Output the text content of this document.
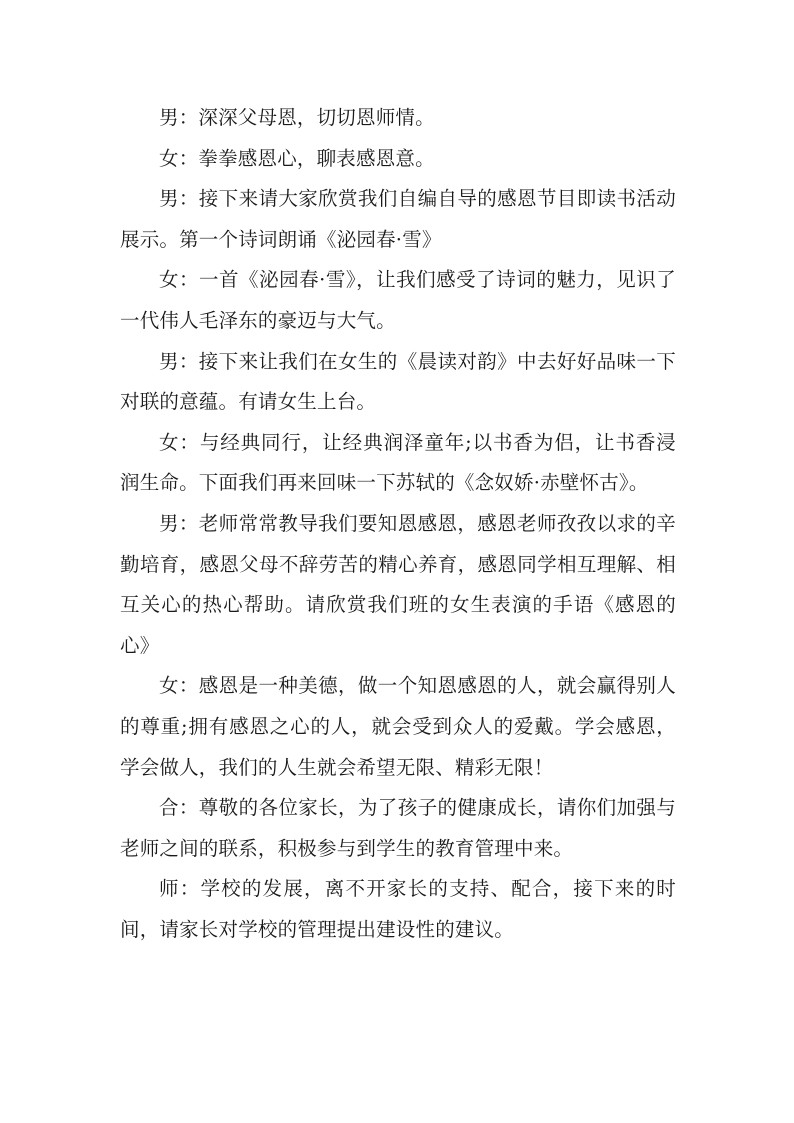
男：深深父母恩，切切恩师情。

女：拳拳感恩心，聊表感恩意。

男：接下来请大家欣赏我们自编自导的感恩节目即读书活动展示。第一个诗词朗诵《泌园春·雪》

女：一首《泌园春·雪》，让我们感受了诗词的魅力，见识了一代伟人毛泽东的豪迈与大气。

男：接下来让我们在女生的《晨读对韵》中去好好品味一下对联的意蕴。有请女生上台。

女：与经典同行，让经典润泽童年;以书香为侣，让书香浸润生命。下面我们再来回味一下苏轼的《念奴娇·赤壁怀古》。

男：老师常常教导我们要知恩感恩，感恩老师孜孜以求的辛勤培育，感恩父母不辞劳苦的精心养育，感恩同学相互理解、相互关心的热心帮助。请欣赏我们班的女生表演的手语《感恩的心》

女：感恩是一种美德，做一个知恩感恩的人，就会赢得别人的尊重;拥有感恩之心的人，就会受到众人的爱戴。学会感恩，学会做人，我们的人生就会希望无限、精彩无限！

合：尊敬的各位家长，为了孩子的健康成长，请你们加强与老师之间的联系，积极参与到学生的教育管理中来。

师：学校的发展，离不开家长的支持、配合，接下来的时间，请家长对学校的管理提出建设性的建议。
